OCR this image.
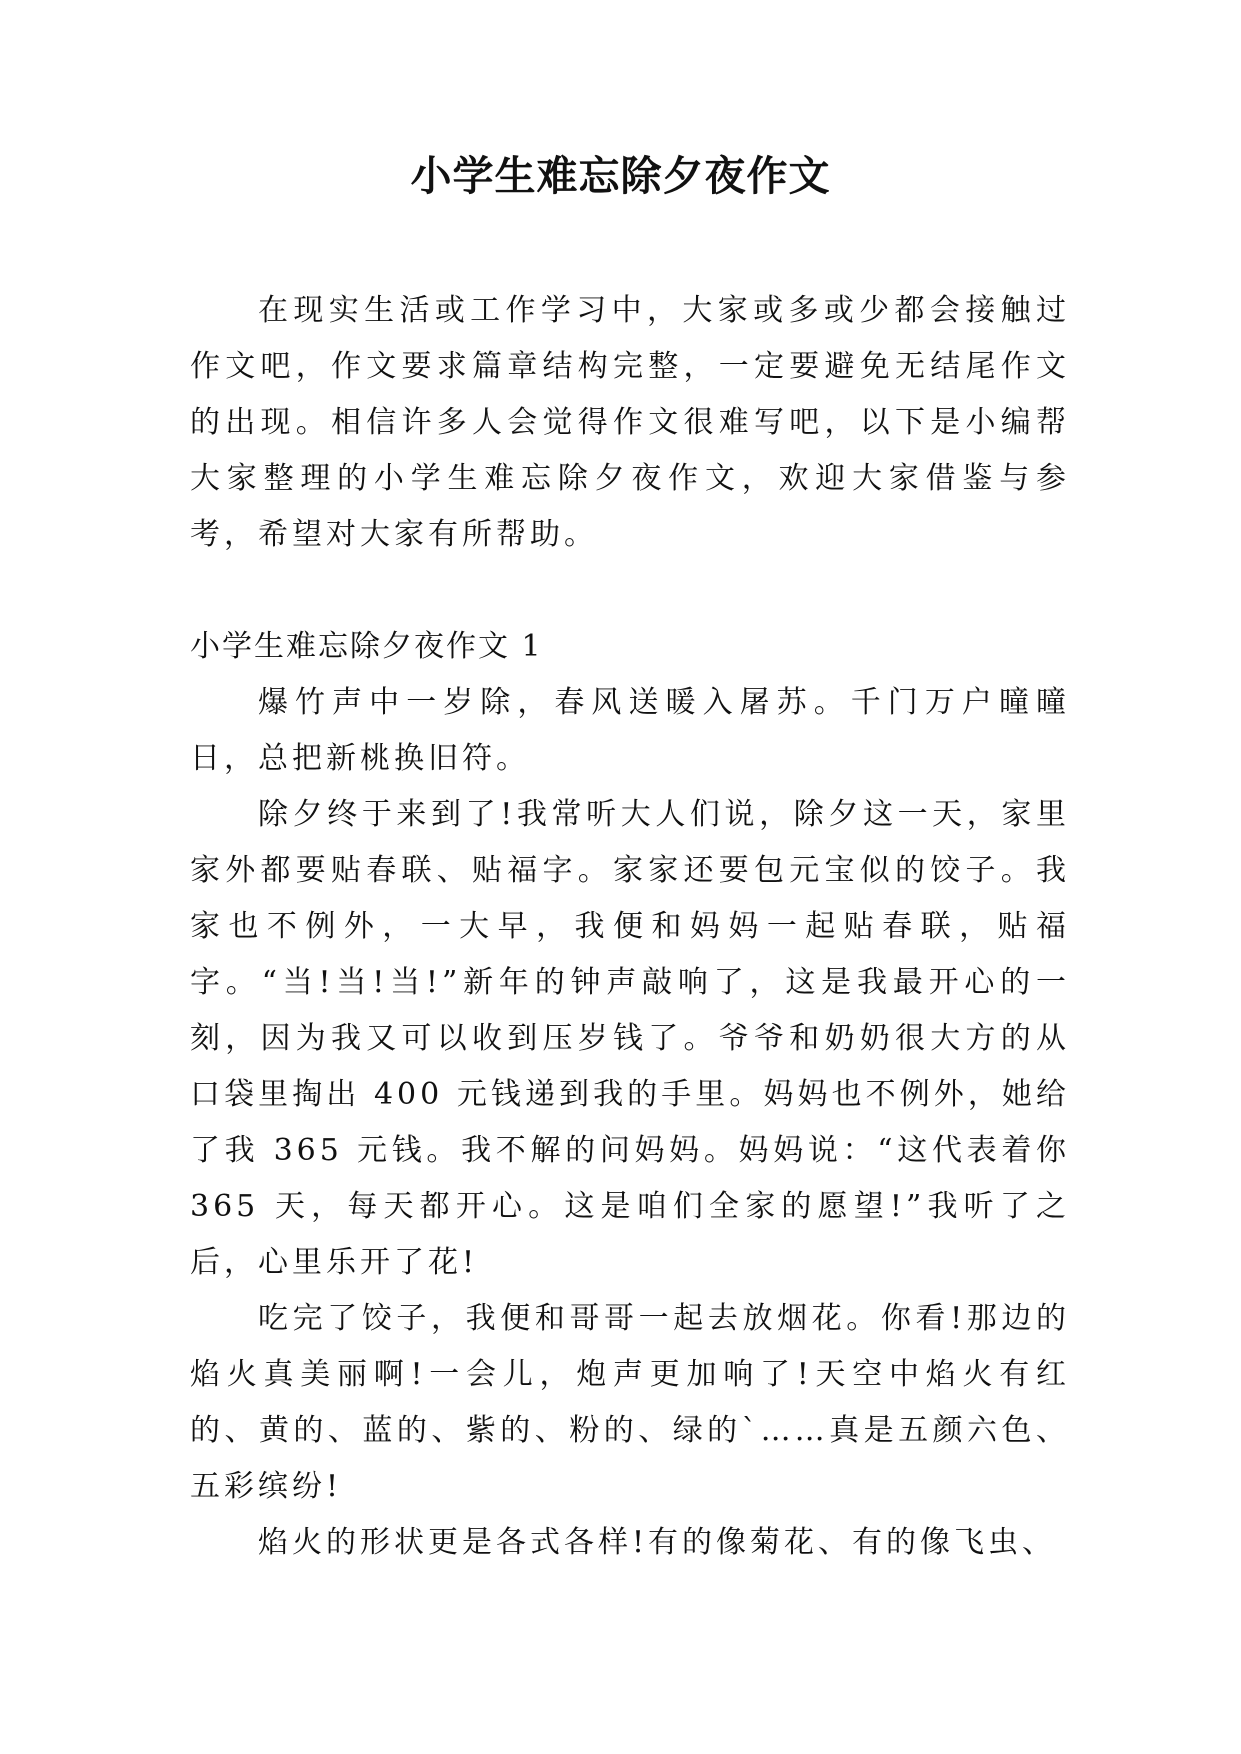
小学生难忘除夕夜作文

在现实生活或工作学习中，大家或多或少都会接触过作文吧，作文要求篇章结构完整，一定要避免无结尾作文的出现。相信许多人会觉得作文很难写吧，以下是小编帮大家整理的小学生难忘除夕夜作文，欢迎大家借鉴与参考，希望对大家有所帮助。

小学生难忘除夕夜作文 1

爆竹声中一岁除，春风送暖入屠苏。千门万户曈曈日，总把新桃换旧符。

除夕终于来到了!我常听大人们说，除夕这一天，家里家外都要贴春联、贴福字。家家还要包元宝似的饺子。我家也不例外，一大早，我便和妈妈一起贴春联，贴福字。“当!当!当!”新年的钟声敲响了，这是我最开心的一刻，因为我又可以收到压岁钱了。爷爷和奶奶很大方的从口袋里掏出 400 元钱递到我的手里。妈妈也不例外，她给了我 365 元钱。我不解的问妈妈。妈妈说：“这代表着你 365 天，每天都开心。这是咱们全家的愿望!”我听了之后，心里乐开了花!

吃完了饺子，我便和哥哥一起去放烟花。你看!那边的焰火真美丽啊!一会儿，炮声更加响了!天空中焰火有红的、黄的、蓝的、紫的、粉的、绿的`……真是五颜六色、五彩缤纷!

焰火的形状更是各式各样!有的像菊花、有的像飞虫、
